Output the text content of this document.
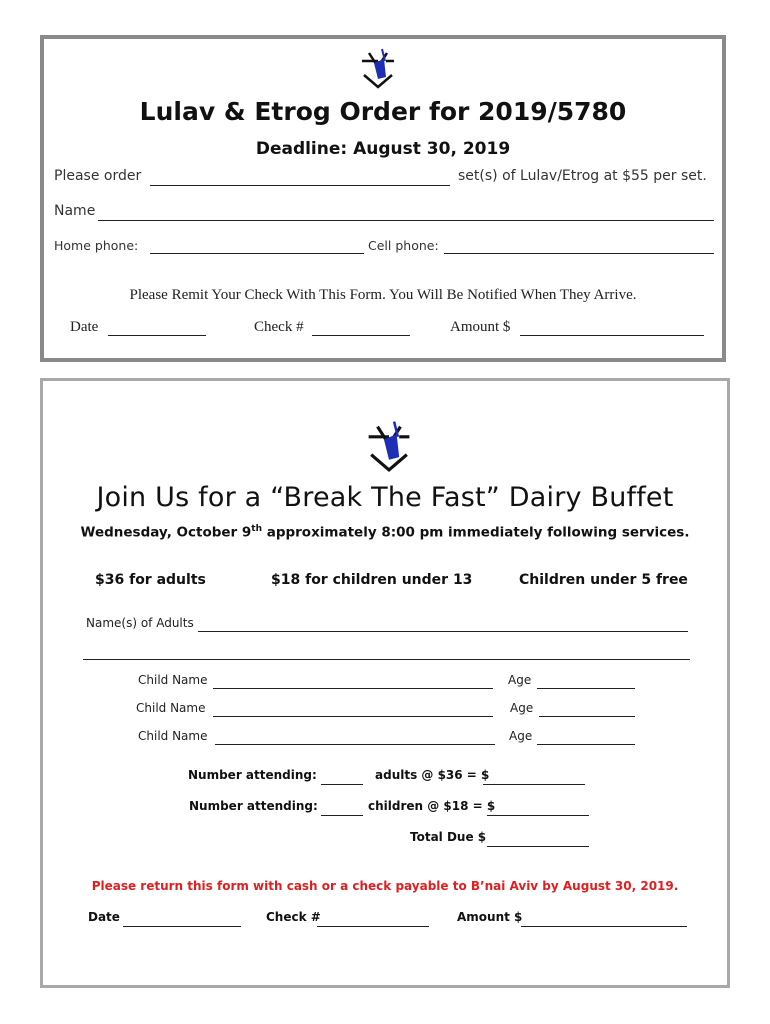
Lulav & Etrog Order for 2019/5780
Deadline: August 30, 2019
Please order	set(s) of Lulav/Etrog at $55 per set.
Name
Home phone:	Cell phone:
Please Remit Your Check With This Form. You Will Be Notified When They Arrive.
Date	Check #	Amount $
Join Us for a “Break The Fast” Dairy Buffet
Wednesday, October 9th approximately 8:00 pm immediately following services.
$36 for adults	$18 for children under 13	Children under 5 free
Name(s) of Adults
Child Name	Age
Child Name	Age
Child Name	Age
Number attending:	adults @ $36 = $
Number attending:	children @ $18 = $
Total Due $
Please return this form with cash or a check payable to B’nai Aviv by August 30, 2019.
Date	Check #	Amount $
